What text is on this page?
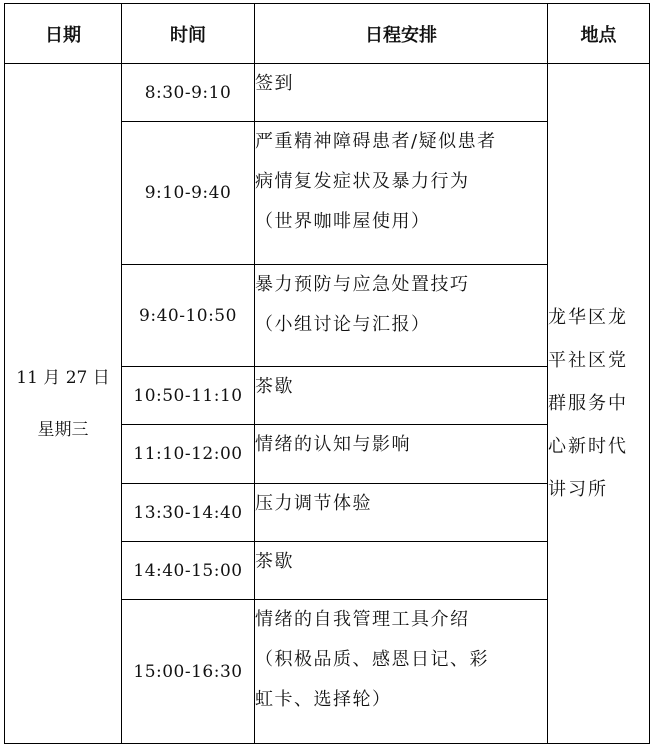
日期	时间	日程安排	地点

11 月 27 日
星期三	8:30-9:10	签到	龙华区龙
平社区党
群服务中
心新时代
讲习所

	9:10-9:40	严重精神障碍患者/疑似患者
病情复发症状及暴力行为
（世界咖啡屋使用）	

	9:40-10:50	暴力预防与应急处置技巧
（小组讨论与汇报）	

	10:50-11:10	茶歇	

	11:10-12:00	情绪的认知与影响	

	13:30-14:40	压力调节体验	

	14:40-15:00	茶歇	

	15:00-16:30	情绪的自我管理工具介绍
（积极品质、感恩日记、彩
虹卡、选择轮）	
